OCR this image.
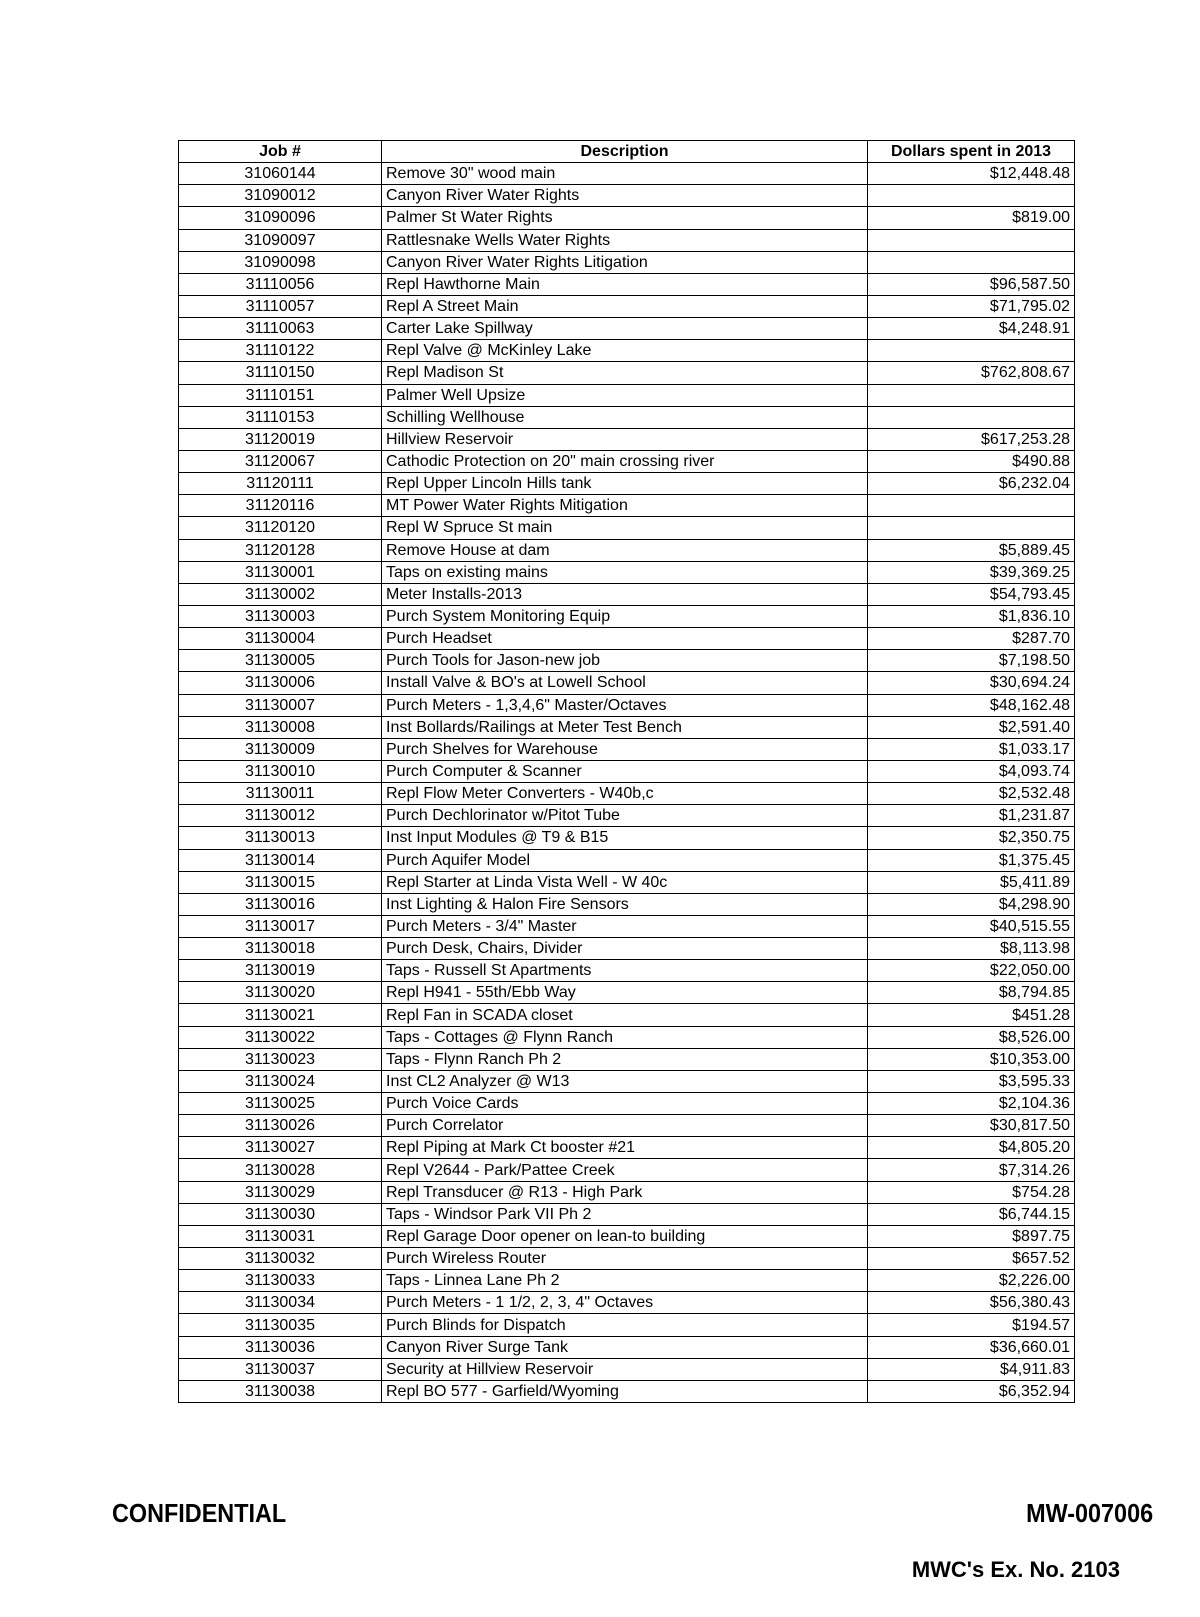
Job #	Description	Dollars spent in 2013
31060144	Remove 30" wood main	$12,448.48
31090012	Canyon River Water Rights	
31090096	Palmer St Water Rights	$819.00
31090097	Rattlesnake Wells Water Rights	
31090098	Canyon River Water Rights Litigation	
31110056	Repl Hawthorne Main	$96,587.50
31110057	Repl A Street Main	$71,795.02
31110063	Carter Lake Spillway	$4,248.91
31110122	Repl Valve @ McKinley Lake	
31110150	Repl Madison St	$762,808.67
31110151	Palmer Well Upsize	
31110153	Schilling Wellhouse	
31120019	Hillview Reservoir	$617,253.28
31120067	Cathodic Protection on 20" main crossing river	$490.88
31120111	Repl Upper Lincoln Hills tank	$6,232.04
31120116	MT Power Water Rights Mitigation	
31120120	Repl W Spruce St main	
31120128	Remove House at dam	$5,889.45
31130001	Taps on existing mains	$39,369.25
31130002	Meter Installs-2013	$54,793.45
31130003	Purch System Monitoring Equip	$1,836.10
31130004	Purch Headset	$287.70
31130005	Purch Tools for Jason-new job	$7,198.50
31130006	Install Valve & BO's at Lowell School	$30,694.24
31130007	Purch Meters - 1,3,4,6" Master/Octaves	$48,162.48
31130008	Inst Bollards/Railings at Meter Test Bench	$2,591.40
31130009	Purch Shelves for Warehouse	$1,033.17
31130010	Purch Computer & Scanner	$4,093.74
31130011	Repl Flow Meter Converters - W40b,c	$2,532.48
31130012	Purch Dechlorinator w/Pitot Tube	$1,231.87
31130013	Inst Input Modules @ T9 & B15	$2,350.75
31130014	Purch Aquifer Model	$1,375.45
31130015	Repl Starter at Linda Vista Well - W 40c	$5,411.89
31130016	Inst Lighting & Halon Fire Sensors	$4,298.90
31130017	Purch Meters - 3/4" Master	$40,515.55
31130018	Purch Desk, Chairs, Divider	$8,113.98
31130019	Taps - Russell St Apartments	$22,050.00
31130020	Repl H941 - 55th/Ebb Way	$8,794.85
31130021	Repl Fan in SCADA closet	$451.28
31130022	Taps - Cottages @ Flynn Ranch	$8,526.00
31130023	Taps - Flynn Ranch Ph 2	$10,353.00
31130024	Inst CL2 Analyzer @ W13	$3,595.33
31130025	Purch Voice Cards	$2,104.36
31130026	Purch Correlator	$30,817.50
31130027	Repl Piping at Mark Ct booster #21	$4,805.20
31130028	Repl V2644 - Park/Pattee Creek	$7,314.26
31130029	Repl Transducer @ R13 - High Park	$754.28
31130030	Taps - Windsor Park VII Ph 2	$6,744.15
31130031	Repl Garage Door opener on lean-to building	$897.75
31130032	Purch Wireless Router	$657.52
31130033	Taps - Linnea Lane Ph 2	$2,226.00
31130034	Purch Meters - 1 1/2, 2, 3, 4" Octaves	$56,380.43
31130035	Purch Blinds for Dispatch	$194.57
31130036	Canyon River Surge Tank	$36,660.01
31130037	Security at Hillview Reservoir	$4,911.83
31130038	Repl BO 577 - Garfield/Wyoming	$6,352.94
CONFIDENTIAL	MW-007006
MWC's Ex. No. 2103
